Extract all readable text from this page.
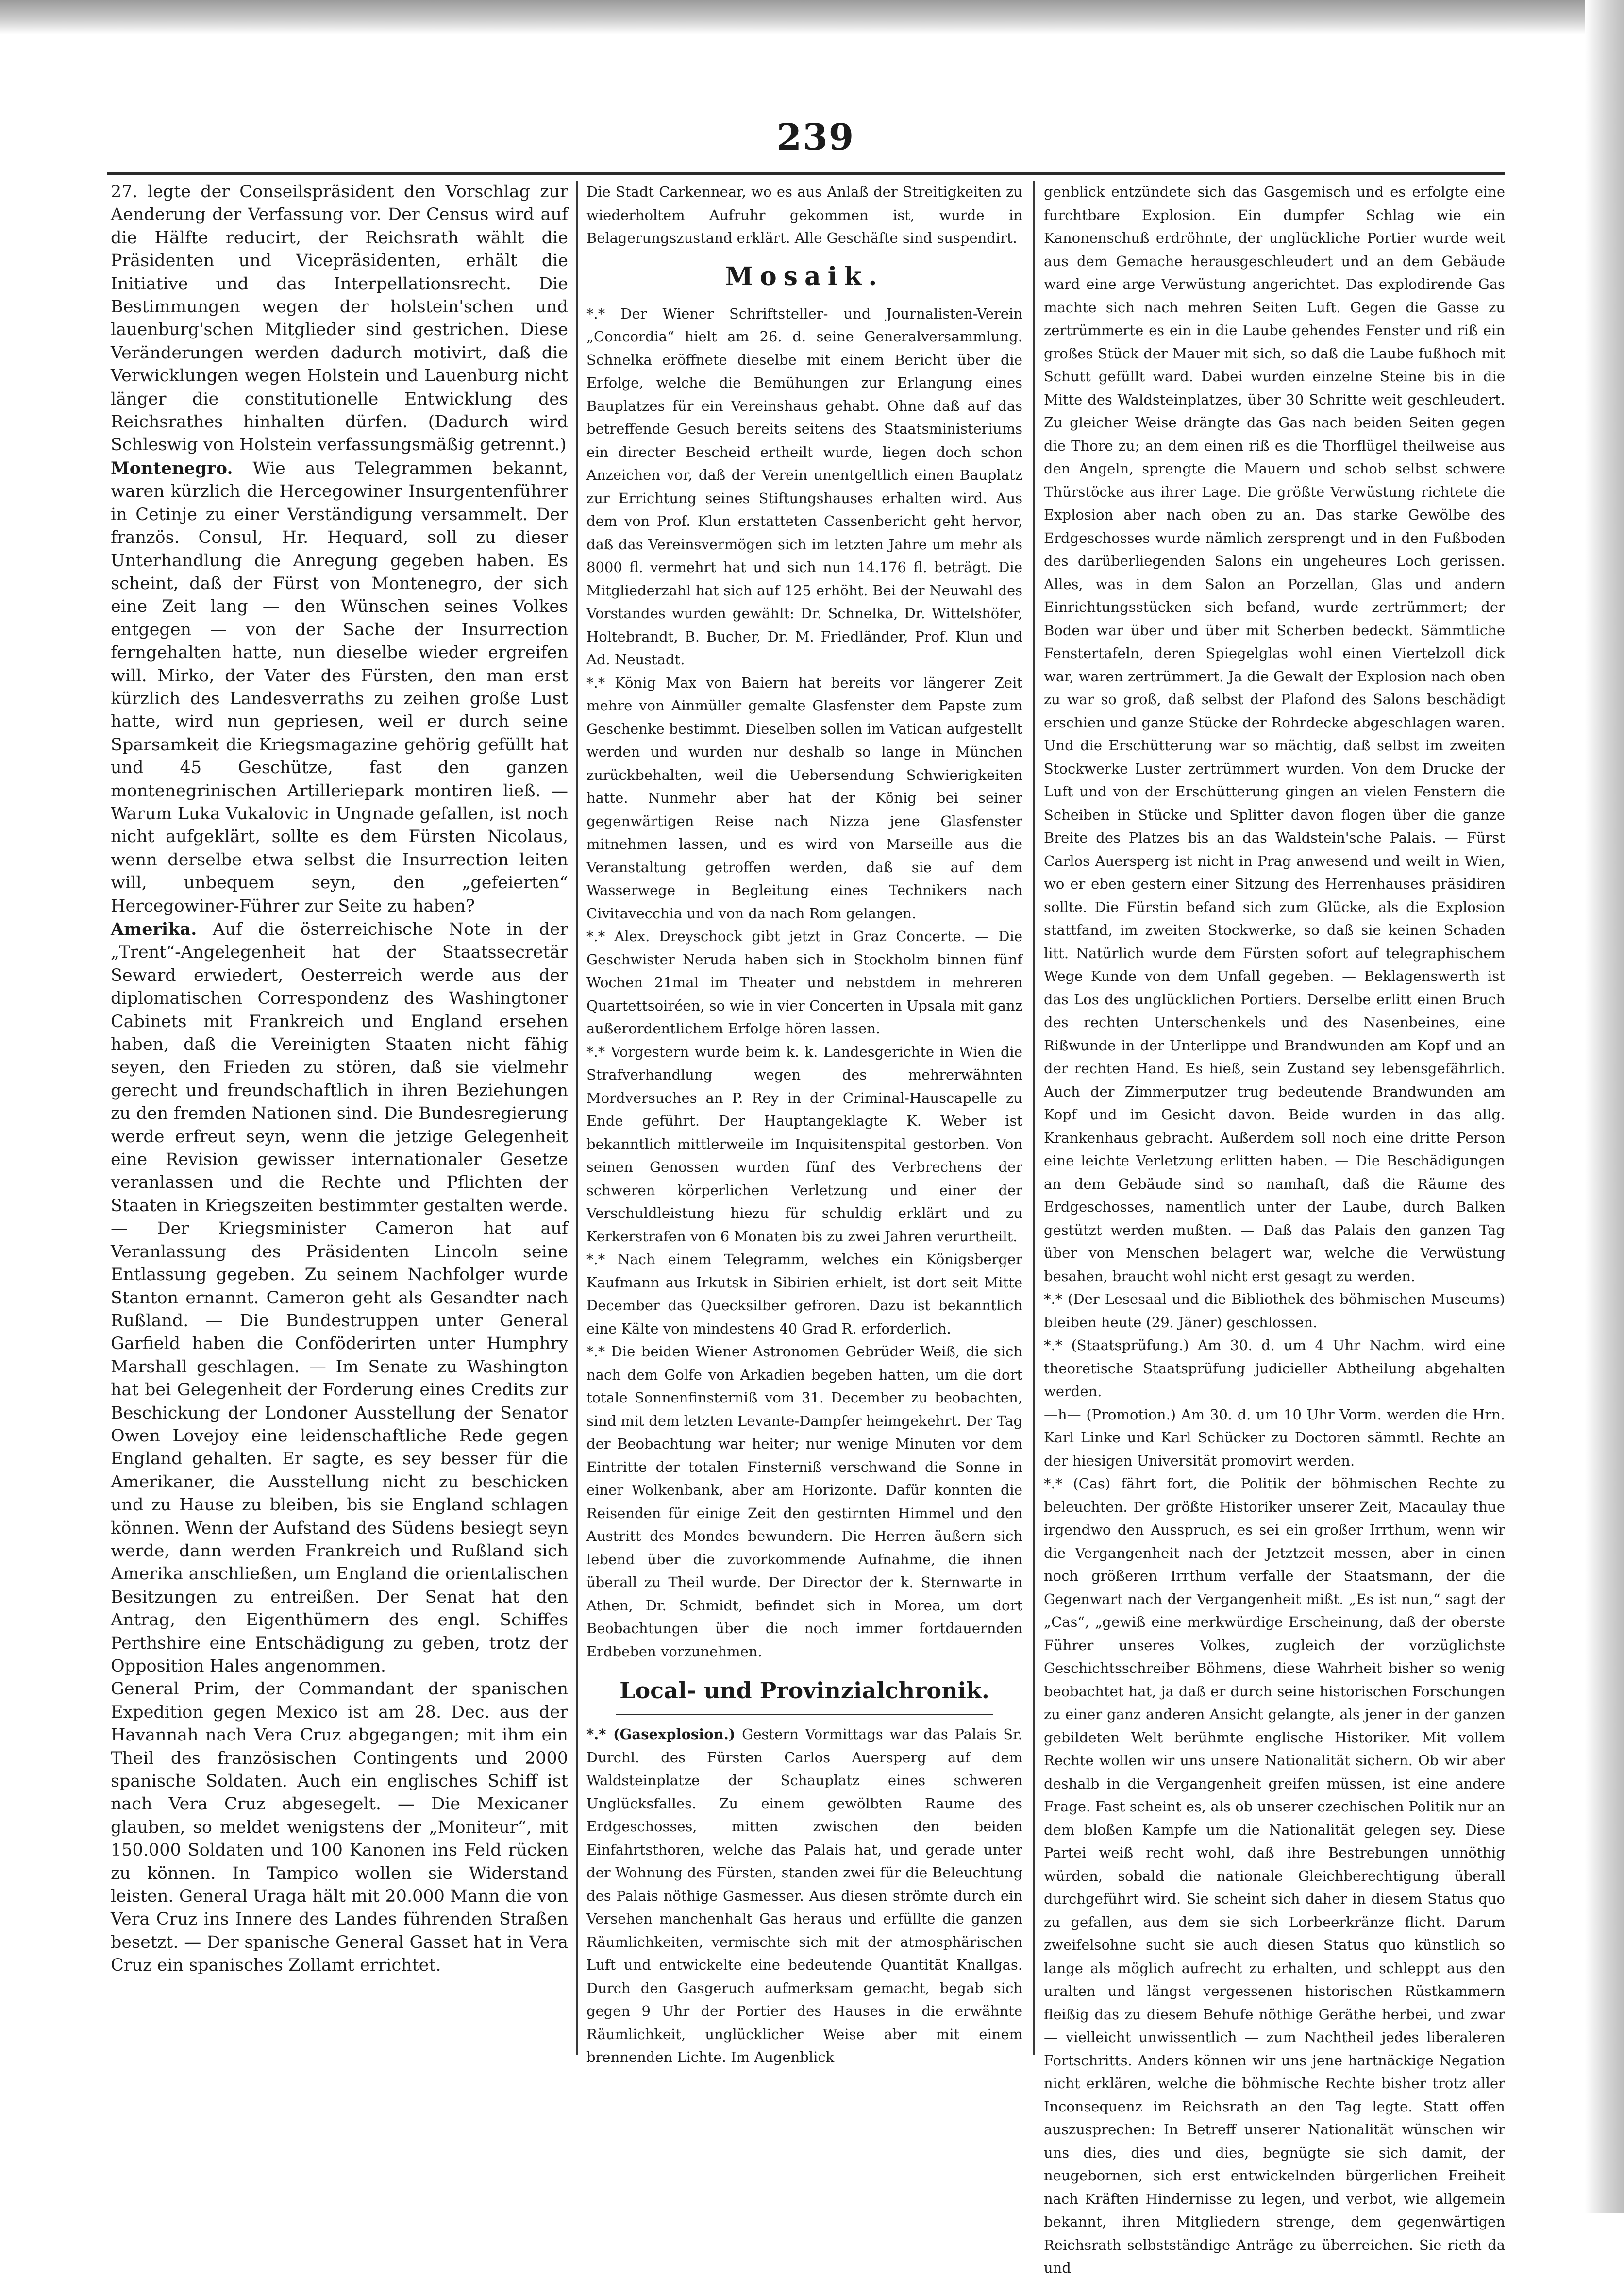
239

27. legte der Conseilspräsident den Vorschlag zur Aenderung der Verfassung vor. Der Census wird auf die Hälfte reducirt, der Reichsrath wählt die Präsidenten und Vicepräsidenten, erhält die Initiative und das Interpellationsrecht. Die Bestimmungen wegen der holstein'schen und lauenburg'schen Mitglieder sind gestrichen. Diese Veränderungen werden dadurch motivirt, daß die Verwicklungen wegen Holstein und Lauenburg nicht länger die constitutionelle Entwicklung des Reichsrathes hinhalten dürfen. (Dadurch wird Schleswig von Holstein verfassungsmäßig getrennt.)

Montenegro. Wie aus Telegrammen bekannt, waren kürzlich die Hercegowiner Insurgentenführer in Cetinje zu einer Verständigung versammelt. Der französ. Consul, Hr. Hequard, soll zu dieser Unterhandlung die Anregung gegeben haben. Es scheint, daß der Fürst von Montenegro, der sich eine Zeit lang — den Wünschen seines Volkes entgegen — von der Sache der Insurrection ferngehalten hatte, nun dieselbe wieder ergreifen will. Mirko, der Vater des Fürsten, den man erst kürzlich des Landesverraths zu zeihen große Lust hatte, wird nun gepriesen, weil er durch seine Sparsamkeit die Kriegsmagazine gehörig gefüllt hat und 45 Geschütze, fast den ganzen montenegrinischen Artilleriepark montiren ließ. — Warum Luka Vukalovic in Ungnade gefallen, ist noch nicht aufgeklärt, sollte es dem Fürsten Nicolaus, wenn derselbe etwa selbst die Insurrection leiten will, unbequem seyn, den „gefeierten“ Hercegowiner-Führer zur Seite zu haben?

Amerika. Auf die österreichische Note in der „Trent“-Angelegenheit hat der Staatssecretär Seward erwiedert, Oesterreich werde aus der diplomatischen Correspondenz des Washingtoner Cabinets mit Frankreich und England ersehen haben, daß die Vereinigten Staaten nicht fähig seyen, den Frieden zu stören, daß sie vielmehr gerecht und freundschaftlich in ihren Beziehungen zu den fremden Nationen sind. Die Bundesregierung werde erfreut seyn, wenn die jetzige Gelegenheit eine Revision gewisser internationaler Gesetze veranlassen und die Rechte und Pflichten der Staaten in Kriegszeiten bestimmter gestalten werde. — Der Kriegsminister Cameron hat auf Veranlassung des Präsidenten Lincoln seine Entlassung gegeben. Zu seinem Nachfolger wurde Stanton ernannt. Cameron geht als Gesandter nach Rußland. — Die Bundestruppen unter General Garfield haben die Conföderirten unter Humphry Marshall geschlagen. — Im Senate zu Washington hat bei Gelegenheit der Forderung eines Credits zur Beschickung der Londoner Ausstellung der Senator Owen Lovejoy eine leidenschaftliche Rede gegen England gehalten. Er sagte, es sey besser für die Amerikaner, die Ausstellung nicht zu beschicken und zu Hause zu bleiben, bis sie England schlagen können. Wenn der Aufstand des Südens besiegt seyn werde, dann werden Frankreich und Rußland sich Amerika anschließen, um England die orientalischen Besitzungen zu entreißen. Der Senat hat den Antrag, den Eigenthümern des engl. Schiffes Perthshire eine Entschädigung zu geben, trotz der Opposition Hales angenommen.

General Prim, der Commandant der spanischen Expedition gegen Mexico ist am 28. Dec. aus der Havannah nach Vera Cruz abgegangen; mit ihm ein Theil des französischen Contingents und 2000 spanische Soldaten. Auch ein englisches Schiff ist nach Vera Cruz abgesegelt. — Die Mexicaner glauben, so meldet wenigstens der „Moniteur“, mit 150.000 Soldaten und 100 Kanonen ins Feld rücken zu können. In Tampico wollen sie Widerstand leisten. General Uraga hält mit 20.000 Mann die von Vera Cruz ins Innere des Landes führenden Straßen besetzt. — Der spanische General Gasset hat in Vera Cruz ein spanisches Zollamt errichtet.

Die Stadt Carkennear, wo es aus Anlaß der Streitigkeiten zu wiederholtem Aufruhr gekommen ist, wurde in Belagerungszustand erklärt. Alle Geschäfte sind suspendirt.

Mosaik.

*.* Der Wiener Schriftsteller- und Journalisten-Verein „Concordia“ hielt am 26. d. seine Generalversammlung. Schnelka eröffnete dieselbe mit einem Bericht über die Erfolge, welche die Bemühungen zur Erlangung eines Bauplatzes für ein Vereinshaus gehabt. Ohne daß auf das betreffende Gesuch bereits seitens des Staatsministeriums ein directer Bescheid ertheilt wurde, liegen doch schon Anzeichen vor, daß der Verein unentgeltlich einen Bauplatz zur Errichtung seines Stiftungshauses erhalten wird. Aus dem von Prof. Klun erstatteten Cassenbericht geht hervor, daß das Vereinsvermögen sich im letzten Jahre um mehr als 8000 fl. vermehrt hat und sich nun 14.176 fl. beträgt. Die Mitgliederzahl hat sich auf 125 erhöht. Bei der Neuwahl des Vorstandes wurden gewählt: Dr. Schnelka, Dr. Wittelshöfer, Holtebrandt, B. Bucher, Dr. M. Friedländer, Prof. Klun und Ad. Neustadt.

*.* König Max von Baiern hat bereits vor längerer Zeit mehre von Ainmüller gemalte Glasfenster dem Papste zum Geschenke bestimmt. Dieselben sollen im Vatican aufgestellt werden und wurden nur deshalb so lange in München zurückbehalten, weil die Uebersendung Schwierigkeiten hatte. Nunmehr aber hat der König bei seiner gegenwärtigen Reise nach Nizza jene Glasfenster mitnehmen lassen, und es wird von Marseille aus die Veranstaltung getroffen werden, daß sie auf dem Wasserwege in Begleitung eines Technikers nach Civitavecchia und von da nach Rom gelangen.

*.* Alex. Dreyschock gibt jetzt in Graz Concerte. — Die Geschwister Neruda haben sich in Stockholm binnen fünf Wochen 21mal im Theater und nebstdem in mehreren Quartettsoiréen, so wie in vier Concerten in Upsala mit ganz außerordentlichem Erfolge hören lassen.

*.* Vorgestern wurde beim k. k. Landesgerichte in Wien die Strafverhandlung wegen des mehrerwähnten Mordversuches an P. Rey in der Criminal-Hauscapelle zu Ende geführt. Der Hauptangeklagte K. Weber ist bekanntlich mittlerweile im Inquisitenspital gestorben. Von seinen Genossen wurden fünf des Verbrechens der schweren körperlichen Verletzung und einer der Verschuldleistung hiezu für schuldig erklärt und zu Kerkerstrafen von 6 Monaten bis zu zwei Jahren verurtheilt.

*.* Nach einem Telegramm, welches ein Königsberger Kaufmann aus Irkutsk in Sibirien erhielt, ist dort seit Mitte December das Quecksilber gefroren. Dazu ist bekanntlich eine Kälte von mindestens 40 Grad R. erforderlich.

*.* Die beiden Wiener Astronomen Gebrüder Weiß, die sich nach dem Golfe von Arkadien begeben hatten, um die dort totale Sonnenfinsterniß vom 31. December zu beobachten, sind mit dem letzten Levante-Dampfer heimgekehrt. Der Tag der Beobachtung war heiter; nur wenige Minuten vor dem Eintritte der totalen Finsterniß verschwand die Sonne in einer Wolkenbank, aber am Horizonte. Dafür konnten die Reisenden für einige Zeit den gestirnten Himmel und den Austritt des Mondes bewundern. Die Herren äußern sich lebend über die zuvorkommende Aufnahme, die ihnen überall zu Theil wurde. Der Director der k. Sternwarte in Athen, Dr. Schmidt, befindet sich in Morea, um dort Beobachtungen über die noch immer fortdauernden Erdbeben vorzunehmen.

Local- und Provinzialchronik.

*.* (Gasexplosion.) Gestern Vormittags war das Palais Sr. Durchl. des Fürsten Carlos Auersperg auf dem Waldsteinplatze der Schauplatz eines schweren Unglücksfalles. Zu einem gewölbten Raume des Erdgeschosses, mitten zwischen den beiden Einfahrtsthoren, welche das Palais hat, und gerade unter der Wohnung des Fürsten, standen zwei für die Beleuchtung des Palais nöthige Gasmesser. Aus diesen strömte durch ein Versehen manchenhalt Gas heraus und erfüllte die ganzen Räumlichkeiten, vermischte sich mit der atmosphärischen Luft und entwickelte eine bedeutende Quantität Knallgas. Durch den Gasgeruch aufmerksam gemacht, begab sich gegen 9 Uhr der Portier des Hauses in die erwähnte Räumlichkeit, unglücklicher Weise aber mit einem brennenden Lichte. Im Augenblick

genblick entzündete sich das Gasgemisch und es erfolgte eine furchtbare Explosion. Ein dumpfer Schlag wie ein Kanonenschuß erdröhnte, der unglückliche Portier wurde weit aus dem Gemache herausgeschleudert und an dem Gebäude ward eine arge Verwüstung angerichtet. Das explodirende Gas machte sich nach mehren Seiten Luft. Gegen die Gasse zu zertrümmerte es ein in die Laube gehendes Fenster und riß ein großes Stück der Mauer mit sich, so daß die Laube fußhoch mit Schutt gefüllt ward. Dabei wurden einzelne Steine bis in die Mitte des Waldsteinplatzes, über 30 Schritte weit geschleudert. Zu gleicher Weise drängte das Gas nach beiden Seiten gegen die Thore zu; an dem einen riß es die Thorflügel theilweise aus den Angeln, sprengte die Mauern und schob selbst schwere Thürstöcke aus ihrer Lage. Die größte Verwüstung richtete die Explosion aber nach oben zu an. Das starke Gewölbe des Erdgeschosses wurde nämlich zersprengt und in den Fußboden des darüberliegenden Salons ein ungeheures Loch gerissen. Alles, was in dem Salon an Porzellan, Glas und andern Einrichtungsstücken sich befand, wurde zertrümmert; der Boden war über und über mit Scherben bedeckt. Sämmtliche Fenstertafeln, deren Spiegelglas wohl einen Viertelzoll dick war, waren zertrümmert. Ja die Gewalt der Explosion nach oben zu war so groß, daß selbst der Plafond des Salons beschädigt erschien und ganze Stücke der Rohrdecke abgeschlagen waren. Und die Erschütterung war so mächtig, daß selbst im zweiten Stockwerke Luster zertrümmert wurden. Von dem Drucke der Luft und von der Erschütterung gingen an vielen Fenstern die Scheiben in Stücke und Splitter davon flogen über die ganze Breite des Platzes bis an das Waldstein'sche Palais. — Fürst Carlos Auersperg ist nicht in Prag anwesend und weilt in Wien, wo er eben gestern einer Sitzung des Herrenhauses präsidiren sollte. Die Fürstin befand sich zum Glücke, als die Explosion stattfand, im zweiten Stockwerke, so daß sie keinen Schaden litt. Natürlich wurde dem Fürsten sofort auf telegraphischem Wege Kunde von dem Unfall gegeben. — Beklagenswerth ist das Los des unglücklichen Portiers. Derselbe erlitt einen Bruch des rechten Unterschenkels und des Nasenbeines, eine Rißwunde in der Unterlippe und Brandwunden am Kopf und an der rechten Hand. Es hieß, sein Zustand sey lebensgefährlich. Auch der Zimmerputzer trug bedeutende Brandwunden am Kopf und im Gesicht davon. Beide wurden in das allg. Krankenhaus gebracht. Außerdem soll noch eine dritte Person eine leichte Verletzung erlitten haben. — Die Beschädigungen an dem Gebäude sind so namhaft, daß die Räume des Erdgeschosses, namentlich unter der Laube, durch Balken gestützt werden mußten. — Daß das Palais den ganzen Tag über von Menschen belagert war, welche die Verwüstung besahen, braucht wohl nicht erst gesagt zu werden.

*.* (Der Lesesaal und die Bibliothek des böhmischen Museums) bleiben heute (29. Jäner) geschlossen.

*.* (Staatsprüfung.) Am 30. d. um 4 Uhr Nachm. wird eine theoretische Staatsprüfung judicieller Abtheilung abgehalten werden.

—h— (Promotion.) Am 30. d. um 10 Uhr Vorm. werden die Hrn. Karl Linke und Karl Schücker zu Doctoren sämmtl. Rechte an der hiesigen Universität promovirt werden.

*.* (Cas) fährt fort, die Politik der böhmischen Rechte zu beleuchten. Der größte Historiker unserer Zeit, Macaulay thue irgendwo den Ausspruch, es sei ein großer Irrthum, wenn wir die Vergangenheit nach der Jetztzeit messen, aber in einen noch größeren Irrthum verfalle der Staatsmann, der die Gegenwart nach der Vergangenheit mißt. „Es ist nun,“ sagt der „Cas“, „gewiß eine merkwürdige Erscheinung, daß der oberste Führer unseres Volkes, zugleich der vorzüglichste Geschichtsschreiber Böhmens, diese Wahrheit bisher so wenig beobachtet hat, ja daß er durch seine historischen Forschungen zu einer ganz anderen Ansicht gelangte, als jener in der ganzen gebildeten Welt berühmte englische Historiker. Mit vollem Rechte wollen wir uns unsere Nationalität sichern. Ob wir aber deshalb in die Vergangenheit greifen müssen, ist eine andere Frage. Fast scheint es, als ob unserer czechischen Politik nur an dem bloßen Kampfe um die Nationalität gelegen sey. Diese Partei weiß recht wohl, daß ihre Bestrebungen unnöthig würden, sobald die nationale Gleichberechtigung überall durchgeführt wird. Sie scheint sich daher in diesem Status quo zu gefallen, aus dem sie sich Lorbeerkränze flicht. Darum zweifelsohne sucht sie auch diesen Status quo künstlich so lange als möglich aufrecht zu erhalten, und schleppt aus den uralten und längst vergessenen historischen Rüstkammern fleißig das zu diesem Behufe nöthige Geräthe herbei, und zwar — vielleicht unwissentlich — zum Nachtheil jedes liberaleren Fortschritts. Anders können wir uns jene hartnäckige Negation nicht erklären, welche die böhmische Rechte bisher trotz aller Inconsequenz im Reichsrath an den Tag legte. Statt offen auszusprechen: In Betreff unserer Nationalität wünschen wir uns dies, dies und dies, begnügte sie sich damit, der neugebornen, sich erst entwickelnden bürgerlichen Freiheit nach Kräften Hindernisse zu legen, und verbot, wie allgemein bekannt, ihren Mitgliedern strenge, dem gegenwärtigen Reichsrath selbstständige Anträge zu überreichen. Sie rieth da und
